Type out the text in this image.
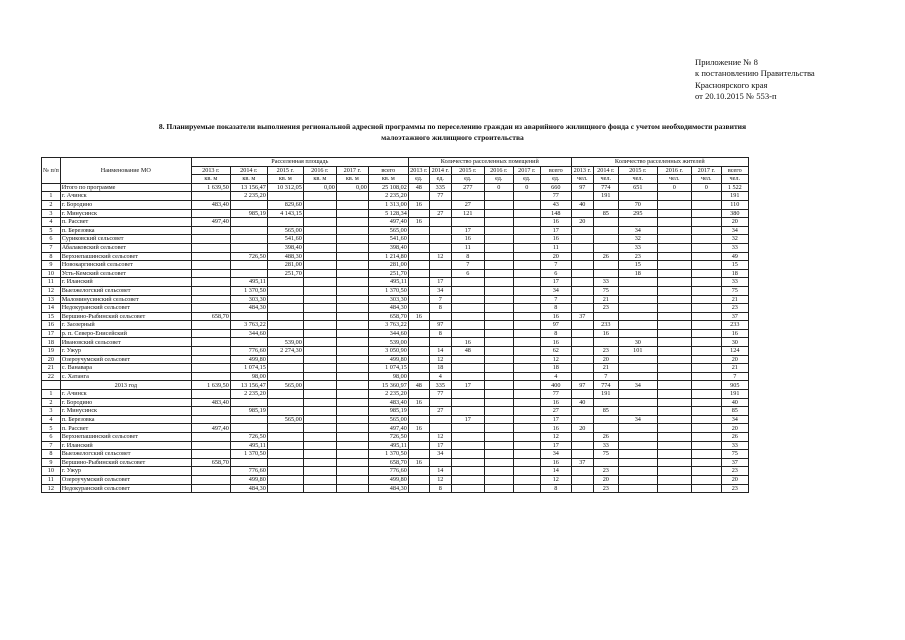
Приложение № 8
к постановлению Правительства
Красноярского края
от 20.10.2015 № 553-п
8. Планируемые показатели выполнения региональной адресной программы по переселению граждан из аварийного жилищного фонда с учетом необходимости развития
малоэтажного жилищного строительства
№ п/п	Наименование МО	Расселенная площадь						Количество расселенных помещений						Количество расселенных жителей					
		2013 г.	2014 г.	2015 г.	2016 г.	2017 г.	всего	2013 г.	2014 г.	2015 г.	2016 г.	2017 г.	всего	2013 г.	2014 г.	2015 г.	2016 г.	2017 г.	всего
		кв. м	кв. м	кв. м	кв. м	кв. м	кв. м	ед.	ед.	ед.	ед.	ед.	ед.	чел.	чел.	чел.	чел.	чел.	чел.
	Итого по программе	1 639,50	13 156,47	10 312,05	0,00	0,00	25 108,02	48	335	277	0	0	660	97	774	651	0	0	1 522
1	г. Ачинск		2 235,20				2 235,20		77				77		191				191
2	г. Бородино	483,40		829,60			1 313,00	16		27			43	40		70			110
3	г. Минусинск		985,19	4 143,15			5 128,34		27	121			148		85	295			380
4	п. Рассвет	497,40					497,40	16					16	20					20
5	п. Березовка			565,00			565,00			17			17			34			34
6	Суриковский сельсовет			541,60			541,60			16			16			32			32
7	Абалаковский сельсовет			398,40			398,40			11			11			33			33
8	Верхнепашинский сельсовет		726,50	488,30			1 214,80		12	8			20		26	23			49
9	Новокаргинский сельсовет			281,00			281,00			7			7			15			15
10	Усть-Кемский сельсовет			251,70			251,70			6			6			18			18
11	г. Иланский		495,11				495,11		17				17		33				33
12	Выезжелогский сельсовет		1 370,50				1 370,50		34				34		75				75
13	Маломинусинский сельсовет		303,30				303,30		7				7		21				21
14	Недокуранский сельсовет		484,30				484,30		8				8		23				23
15	Вершино-Рыбинский сельсовет	658,70					658,70	16					16	37					37
16	г. Заозерный		3 763,22				3 763,22		97				97		233				233
17	р. п. Северо-Енисейский		344,60				344,60		8				8		16				16
18	Ивановский сельсовет			539,00			539,00			16			16			30			30
19	г. Ужур		776,60	2 274,30			3 050,90		14	48			62		23	101			124
20	Озероучумский сельсовет		499,80				499,80		12				12		20				20
21	с. Ванавара		1 074,15				1 074,15		18				18		21				21
22	с. Хатанга		98,00				98,00		4				4		7				7
	2013 год	1 639,50	13 156,47	565,00			15 360,97	48	335	17			400	97	774	34			905
1	г. Ачинск		2 235,20				2 235,20		77				77		191				191
2	г. Бородино	483,40					483,40	16					16	40					40
3	г. Минусинск		985,19				985,19		27				27		85				85
4	п. Березовка			565,00			565,00			17			17			34			34
5	п. Рассвет	497,40					497,40	16					16	20					20
6	Верхнепашинский сельсовет		726,50				726,50		12				12		26				26
7	г. Иланский		495,11				495,11		17				17		33				33
8	Выезжелогский сельсовет		1 370,50				1 370,50		34				34		75				75
9	Вершино-Рыбинский сельсовет	658,70					658,70	16					16	37					37
10	г. Ужур		776,60				776,60		14				14		23				23
11	Озероучумский сельсовет		499,80				499,80		12				12		20				20
12	Недокуранский сельсовет		484,30				484,30		8				8		23				23
